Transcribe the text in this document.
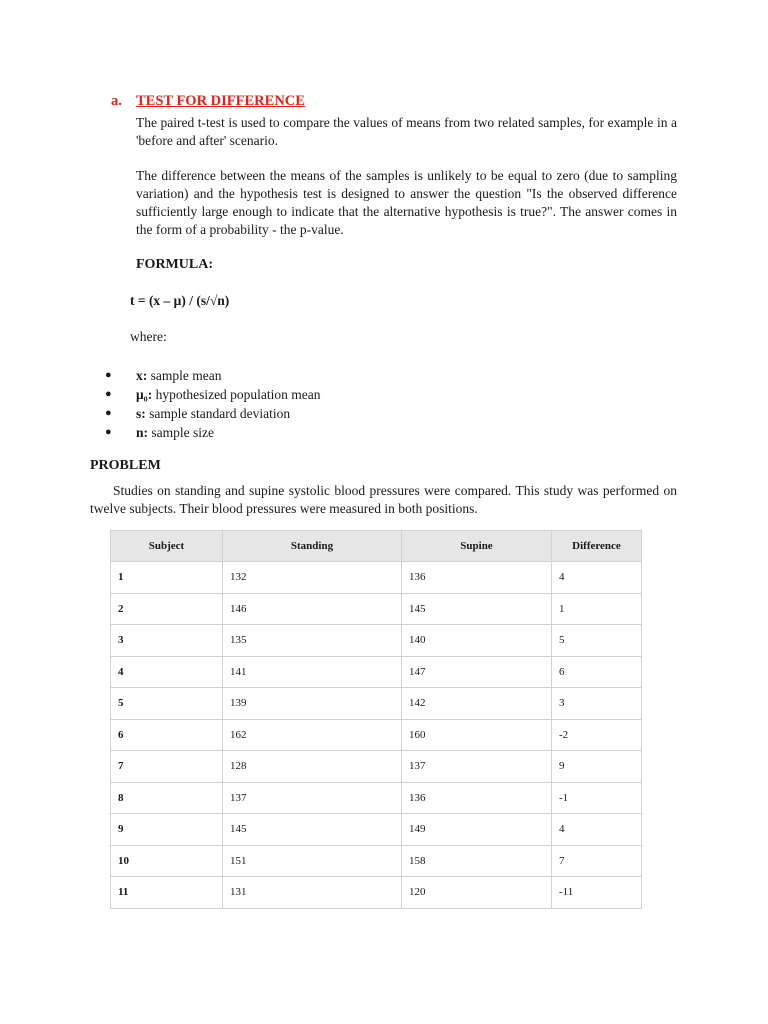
a. TEST FOR DIFFERENCE
The paired t-test is used to compare the values of means from two related samples, for example in a 'before and after' scenario.
The difference between the means of the samples is unlikely to be equal to zero (due to sampling variation) and the hypothesis test is designed to answer the question "Is the observed difference sufficiently large enough to indicate that the alternative hypothesis is true?". The answer comes in the form of a probability - the p-value.
FORMULA:
t = (x – μ) / (s/√n)
where:
● x: sample mean
● μ₀: hypothesized population mean
● s: sample standard deviation
● n: sample size
PROBLEM
Studies on standing and supine systolic blood pressures were compared. This study was performed on twelve subjects. Their blood pressures were measured in both positions.
Subject	Standing	Supine	Difference
1	132	136	4
2	146	145	1
3	135	140	5
4	141	147	6
5	139	142	3
6	162	160	-2
7	128	137	9
8	137	136	-1
9	145	149	4
10	151	158	7
11	131	120	-11
